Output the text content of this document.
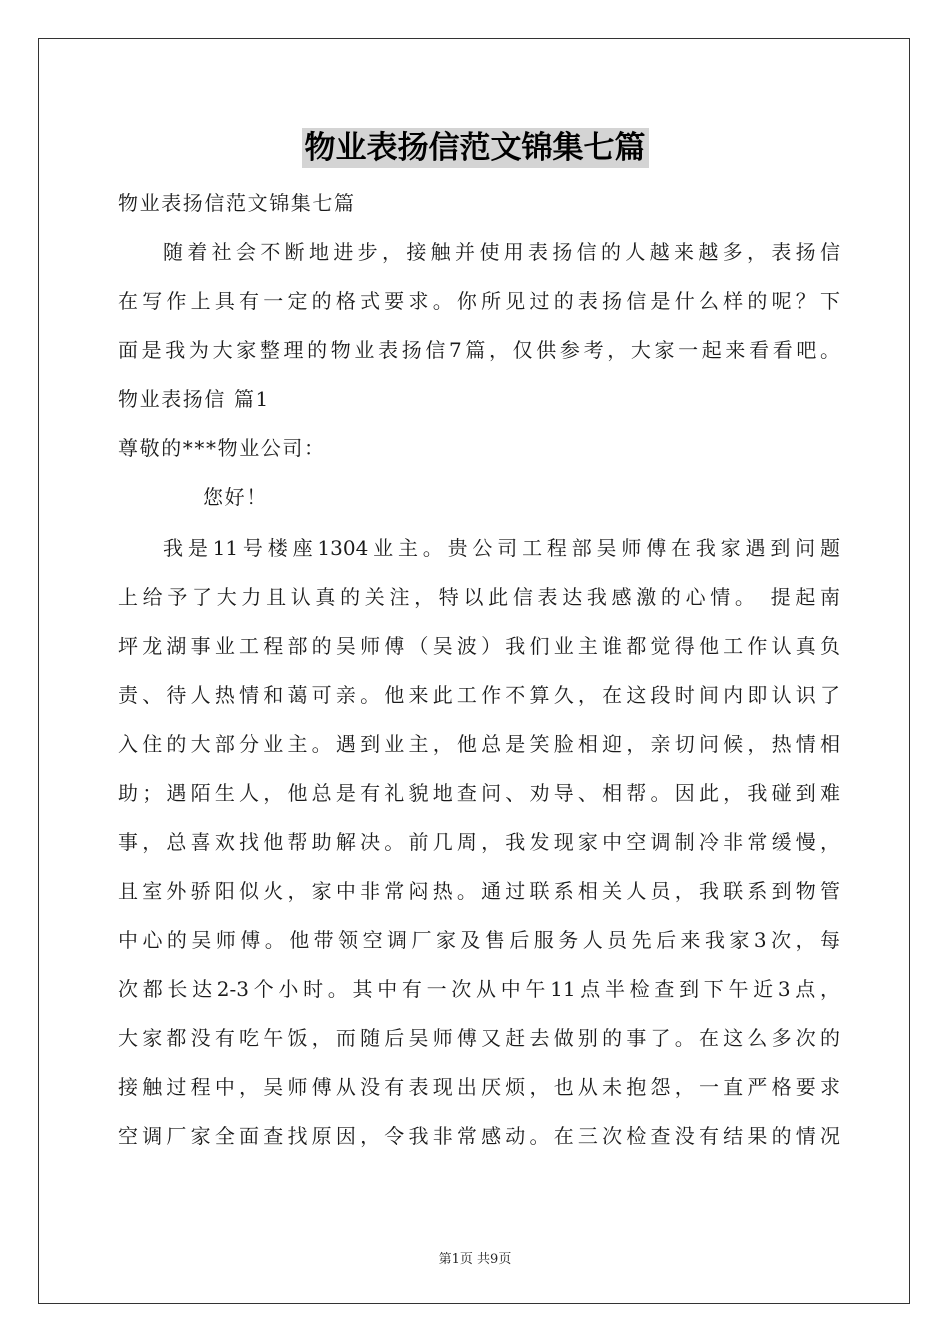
物业表扬信范文锦集七篇
物业表扬信范文锦集七篇
随着社会不断地进步，接触并使用表扬信的人越来越多，表扬信
在写作上具有一定的格式要求。你所见过的表扬信是什么样的呢？下
面是我为大家整理的物业表扬信7篇，仅供参考，大家一起来看看吧。
物业表扬信 篇1
尊敬的***物业公司：
您好！
我是11号楼座1304业主。贵公司工程部吴师傅在我家遇到问题
上给予了大力且认真的关注，特以此信表达我感激的心情。 提起南
坪龙湖事业工程部的吴师傅（吴波）我们业主谁都觉得他工作认真负
责、待人热情和蔼可亲。他来此工作不算久，在这段时间内即认识了
入住的大部分业主。遇到业主，他总是笑脸相迎，亲切问候，热情相
助；遇陌生人，他总是有礼貌地查问、劝导、相帮。因此，我碰到难
事，总喜欢找他帮助解决。前几周，我发现家中空调制冷非常缓慢，
且室外骄阳似火，家中非常闷热。通过联系相关人员，我联系到物管
中心的吴师傅。他带领空调厂家及售后服务人员先后来我家3次，每
次都长达2-3个小时。其中有一次从中午11点半检查到下午近3点，
大家都没有吃午饭，而随后吴师傅又赶去做别的事了。在这么多次的
接触过程中，吴师傅从没有表现出厌烦，也从未抱怨，一直严格要求
空调厂家全面查找原因，令我非常感动。在三次检查没有结果的情况
第1页 共9页
